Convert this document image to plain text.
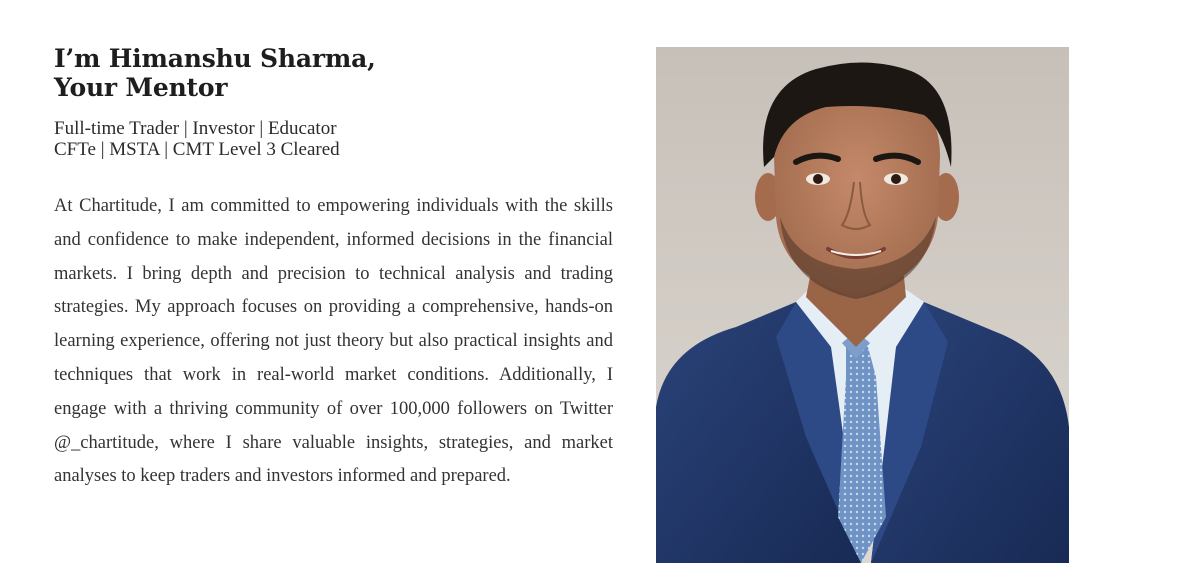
I’m Himanshu Sharma,
Your Mentor
Full-time Trader | Investor | Educator
CFTe | MSTA | CMT Level 3 Cleared

At Chartitude, I am committed to empowering individuals with the skills and confidence to make independent, informed decisions in the financial markets. I bring depth and precision to technical analysis and trading strategies. My approach focuses on providing a comprehensive, hands-on learning experience, offering not just theory but also practical insights and techniques that work in real-world market conditions. Additionally, I engage with a thriving community of over 100,000 followers on Twitter @_chartitude, where I share valuable insights, strategies, and market analyses to keep traders and investors informed and prepared.
